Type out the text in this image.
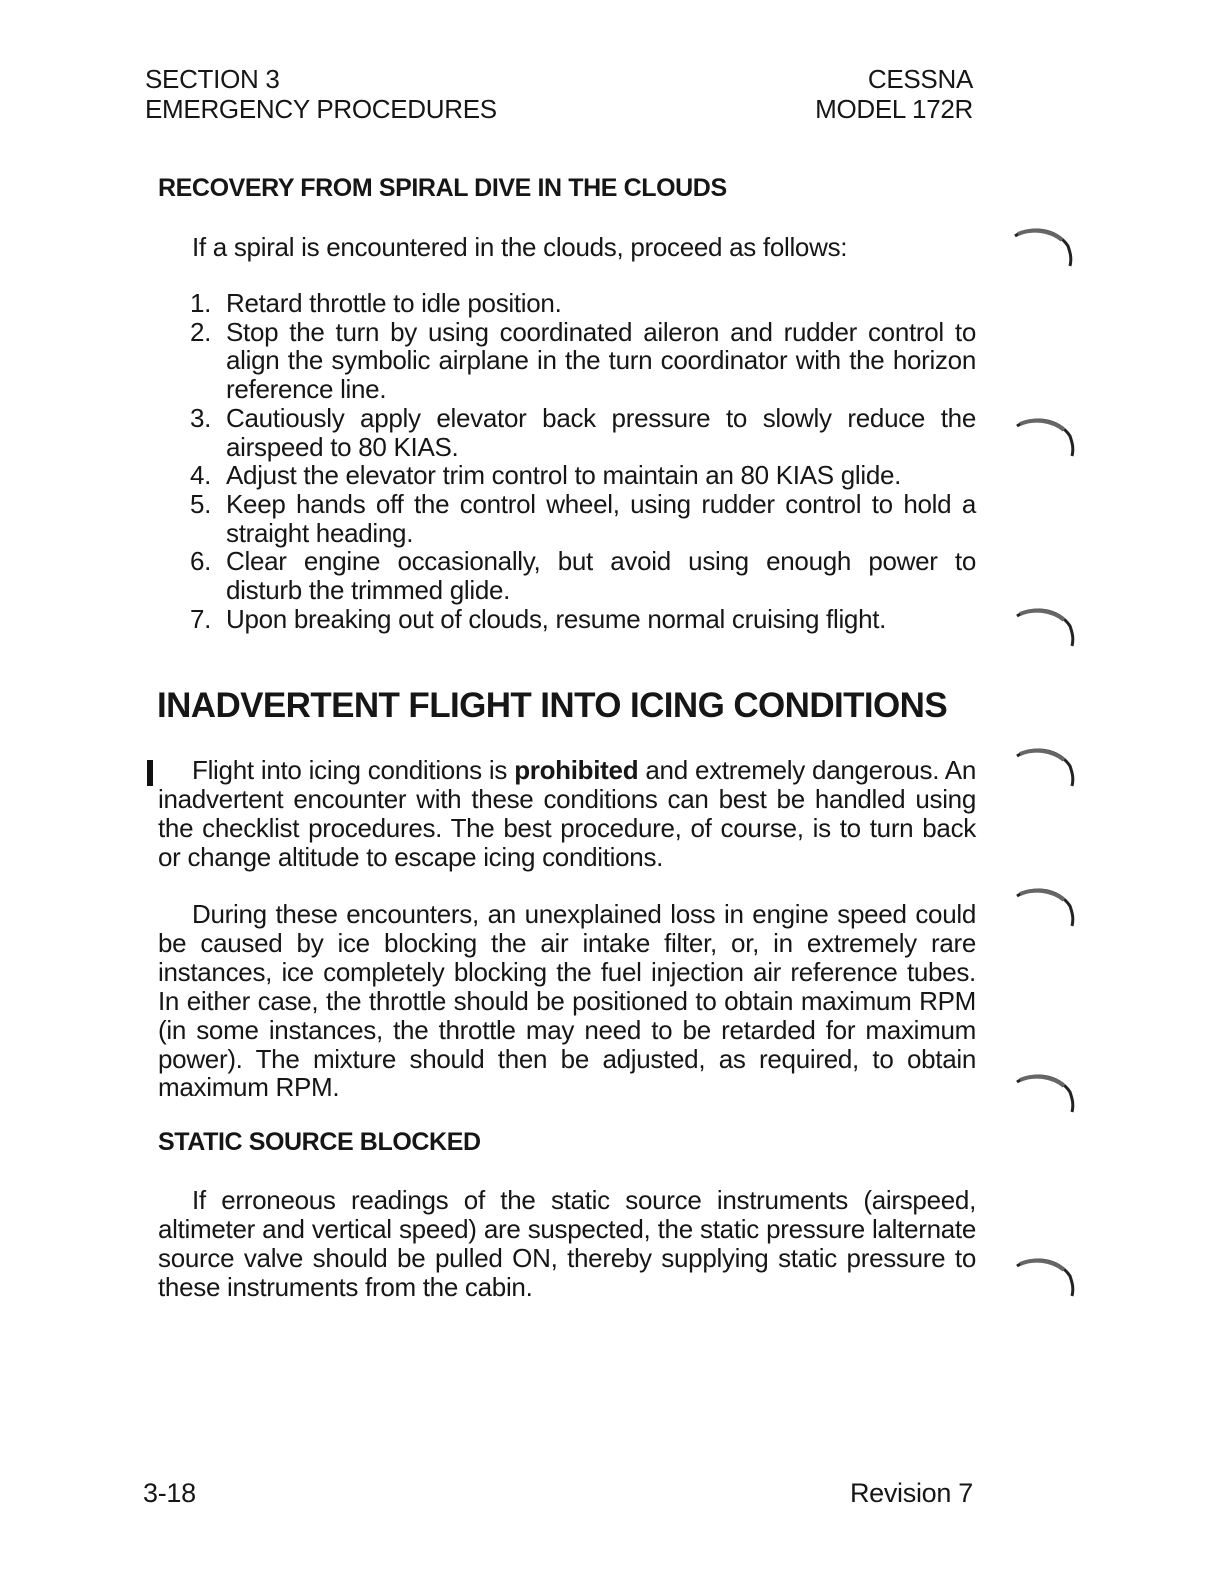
SECTION 3
EMERGENCY PROCEDURES
CESSNA
MODEL 172R
RECOVERY FROM SPIRAL DIVE IN THE CLOUDS
If a spiral is encountered in the clouds, proceed as follows:
1. Retard throttle to idle position.
2. Stop the turn by using coordinated aileron and rudder control to align the symbolic airplane in the turn coordinator with the horizon reference line.
3. Cautiously apply elevator back pressure to slowly reduce the airspeed to 80 KIAS.
4. Adjust the elevator trim control to maintain an 80 KIAS glide.
5. Keep hands off the control wheel, using rudder control to hold a straight heading.
6. Clear engine occasionally, but avoid using enough power to disturb the trimmed glide.
7. Upon breaking out of clouds, resume normal cruising flight.
INADVERTENT FLIGHT INTO ICING CONDITIONS

Flight into icing conditions is prohibited and extremely dangerous. An inadvertent encounter with these conditions can best be handled using the checklist procedures. The best procedure, of course, is to turn back or change altitude to escape icing conditions.

During these encounters, an unexplained loss in engine speed could be caused by ice blocking the air intake filter, or, in extremely rare instances, ice completely blocking the fuel injection air reference tubes. In either case, the throttle should be positioned to obtain maximum RPM (in some instances, the throttle may need to be retarded for maximum power). The mixture should then be adjusted, as required, to obtain maximum RPM.

STATIC SOURCE BLOCKED

If erroneous readings of the static source instruments (airspeed, altimeter and vertical speed) are suspected, the static pressure lalternate source valve should be pulled ON, thereby supplying static pressure to these instruments from the cabin.

3-18	Revision 7
